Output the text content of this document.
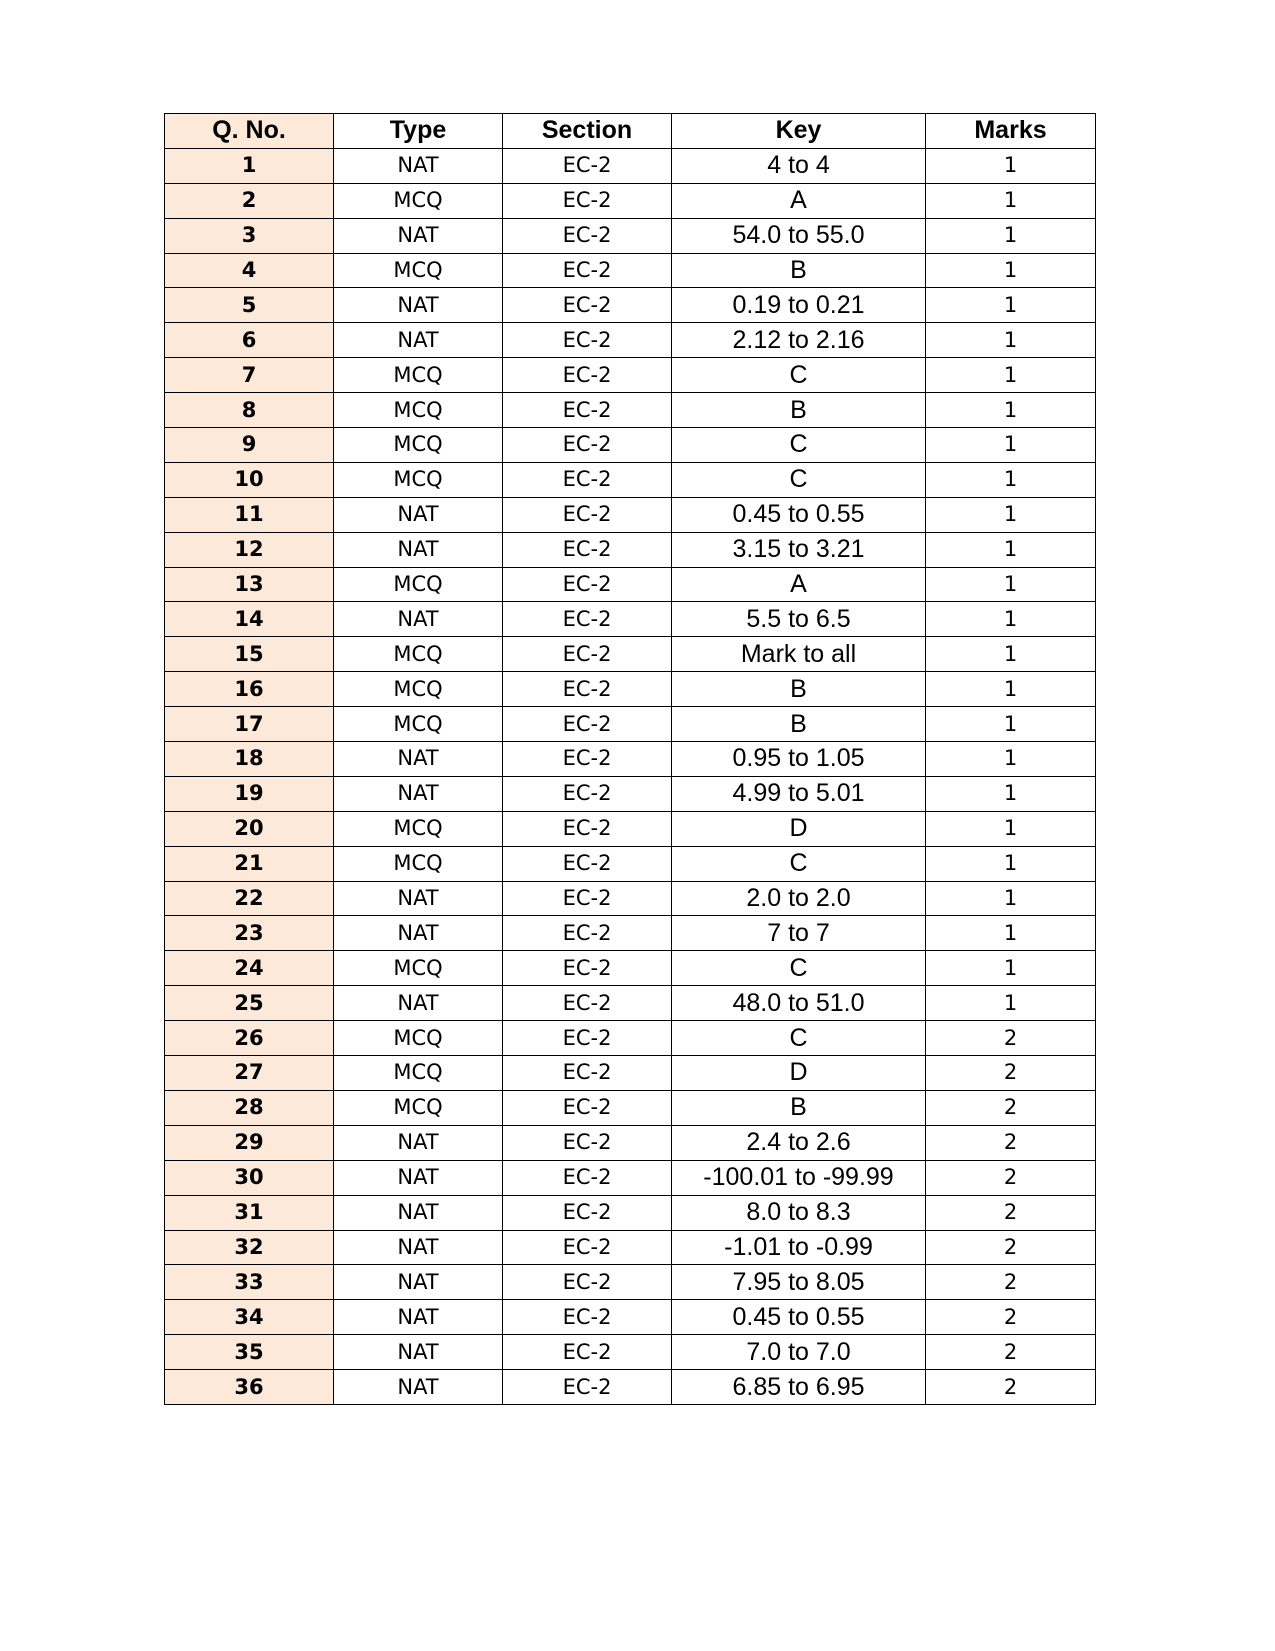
Q. No.	Type	Section	Key	Marks
1	NAT	EC-2	4 to 4	1
2	MCQ	EC-2	A	1
3	NAT	EC-2	54.0 to 55.0	1
4	MCQ	EC-2	B	1
5	NAT	EC-2	0.19 to 0.21	1
6	NAT	EC-2	2.12 to 2.16	1
7	MCQ	EC-2	C	1
8	MCQ	EC-2	B	1
9	MCQ	EC-2	C	1
10	MCQ	EC-2	C	1
11	NAT	EC-2	0.45 to 0.55	1
12	NAT	EC-2	3.15 to 3.21	1
13	MCQ	EC-2	A	1
14	NAT	EC-2	5.5 to 6.5	1
15	MCQ	EC-2	Mark to all	1
16	MCQ	EC-2	B	1
17	MCQ	EC-2	B	1
18	NAT	EC-2	0.95 to 1.05	1
19	NAT	EC-2	4.99 to 5.01	1
20	MCQ	EC-2	D	1
21	MCQ	EC-2	C	1
22	NAT	EC-2	2.0 to 2.0	1
23	NAT	EC-2	7 to 7	1
24	MCQ	EC-2	C	1
25	NAT	EC-2	48.0 to 51.0	1
26	MCQ	EC-2	C	2
27	MCQ	EC-2	D	2
28	MCQ	EC-2	B	2
29	NAT	EC-2	2.4 to 2.6	2
30	NAT	EC-2	-100.01 to -99.99	2
31	NAT	EC-2	8.0 to 8.3	2
32	NAT	EC-2	-1.01 to -0.99	2
33	NAT	EC-2	7.95 to 8.05	2
34	NAT	EC-2	0.45 to 0.55	2
35	NAT	EC-2	7.0 to 7.0	2
36	NAT	EC-2	6.85 to 6.95	2
